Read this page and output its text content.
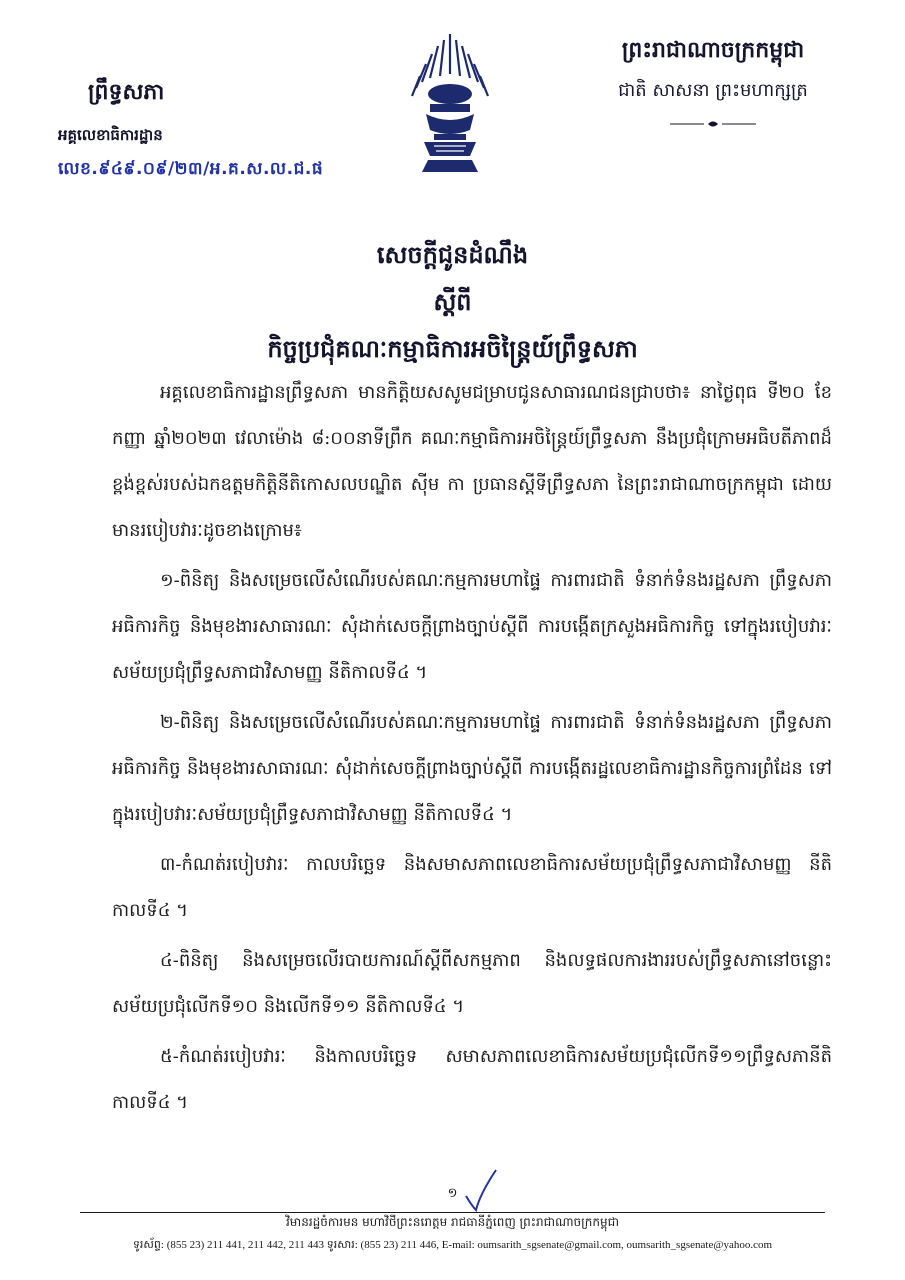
ព្រឹទ្ធសភា
អគ្គលេខាធិការដ្ឋាន
លេខ.៩៤៩.០៩/២៣/អ.គ.ស.ល.ជ.ផ
ព្រះរាជាណាចក្រកម្ពុជា
ជាតិ សាសនា ព្រះមហាក្សត្រ
សេចក្ដីជូនដំណឹង
ស្ដីពី
កិច្ចប្រជុំគណៈកម្មាធិការអចិន្ត្រៃយ៍ព្រឹទ្ធសភា

អគ្គលេខាធិការដ្ឋានព្រឹទ្ធសភា មានកិត្តិយសសូមជម្រាបជូនសាធារណជនជ្រាបថា៖ នាថ្ងៃពុធ ទី២០ ខែកញ្ញា ឆ្នាំ២០២៣ វេលាម៉ោង ៨:០០នាទីព្រឹក គណៈកម្មាធិការអចិន្ត្រៃយ៍ព្រឹទ្ធសភា នឹងប្រជុំក្រោមអធិបតីភាពដ៏ខ្ពង់ខ្ពស់របស់ឯកឧត្តមកិត្តិនីតិកោសលបណ្ឌិត សុីម កា ប្រធានស្ដីទីព្រឹទ្ធសភា នៃព្រះរាជាណាចក្រកម្ពុជា ដោយមានរបៀបវារៈដូចខាងក្រោម៖

១-ពិនិត្យ និងសម្រេចលើសំណើរបស់គណៈកម្មការមហាផ្ទៃ ការពារជាតិ ទំនាក់ទំនងរដ្ឋសភា ព្រឹទ្ធសភា អធិការកិច្ច និងមុខងារសាធារណៈ សុំដាក់សេចក្ដីព្រាងច្បាប់ស្ដីពី ការបង្កើតក្រសួងអធិការកិច្ច ទៅក្នុងរបៀបវារៈសម័យប្រជុំព្រឹទ្ធសភាជាវិសាមញ្ញ នីតិកាលទី៤ ។

២-ពិនិត្យ និងសម្រេចលើសំណើរបស់គណៈកម្មការមហាផ្ទៃ ការពារជាតិ ទំនាក់ទំនងរដ្ឋសភា ព្រឹទ្ធសភា អធិការកិច្ច និងមុខងារសាធារណៈ សុំដាក់សេចក្ដីព្រាងច្បាប់ស្ដីពី ការបង្កើតរដ្ឋលេខាធិការដ្ឋានកិច្ចការព្រំដែន ទៅក្នុងរបៀបវារៈសម័យប្រជុំព្រឹទ្ធសភាជាវិសាមញ្ញ នីតិកាលទី៤ ។

៣-កំណត់របៀបវារៈ កាលបរិច្ឆេទ និងសមាសភាពលេខាធិការសម័យប្រជុំព្រឹទ្ធសភាជាវិសាមញ្ញ នីតិកាលទី៤ ។

៤-ពិនិត្យ និងសម្រេចលើរបាយការណ៍ស្ដីពីសកម្មភាព និងលទ្ធផលការងាររបស់ព្រឹទ្ធសភានៅចន្លោះសម័យប្រជុំលើកទី១០ និងលើកទី១១ នីតិកាលទី៤ ។

៥-កំណត់របៀបវារៈ និងកាលបរិច្ឆេទ សមាសភាពលេខាធិការសម័យប្រជុំលើកទី១១ព្រឹទ្ធសភានីតិកាលទី៤ ។

១
វិមានរដ្ឋចំការមន មហាវិថីព្រះនរោត្តម រាជធានីភ្នំពេញ ព្រះរាជាណាចក្រកម្ពុជា
ទូរស័ព្ទ: (855 23) 211 441, 211 442, 211 443 ទូរសារ: (855 23) 211 446, E-mail: oumsarith_sgsenate@gmail.com, oumsarith_sgsenate@yahoo.com
